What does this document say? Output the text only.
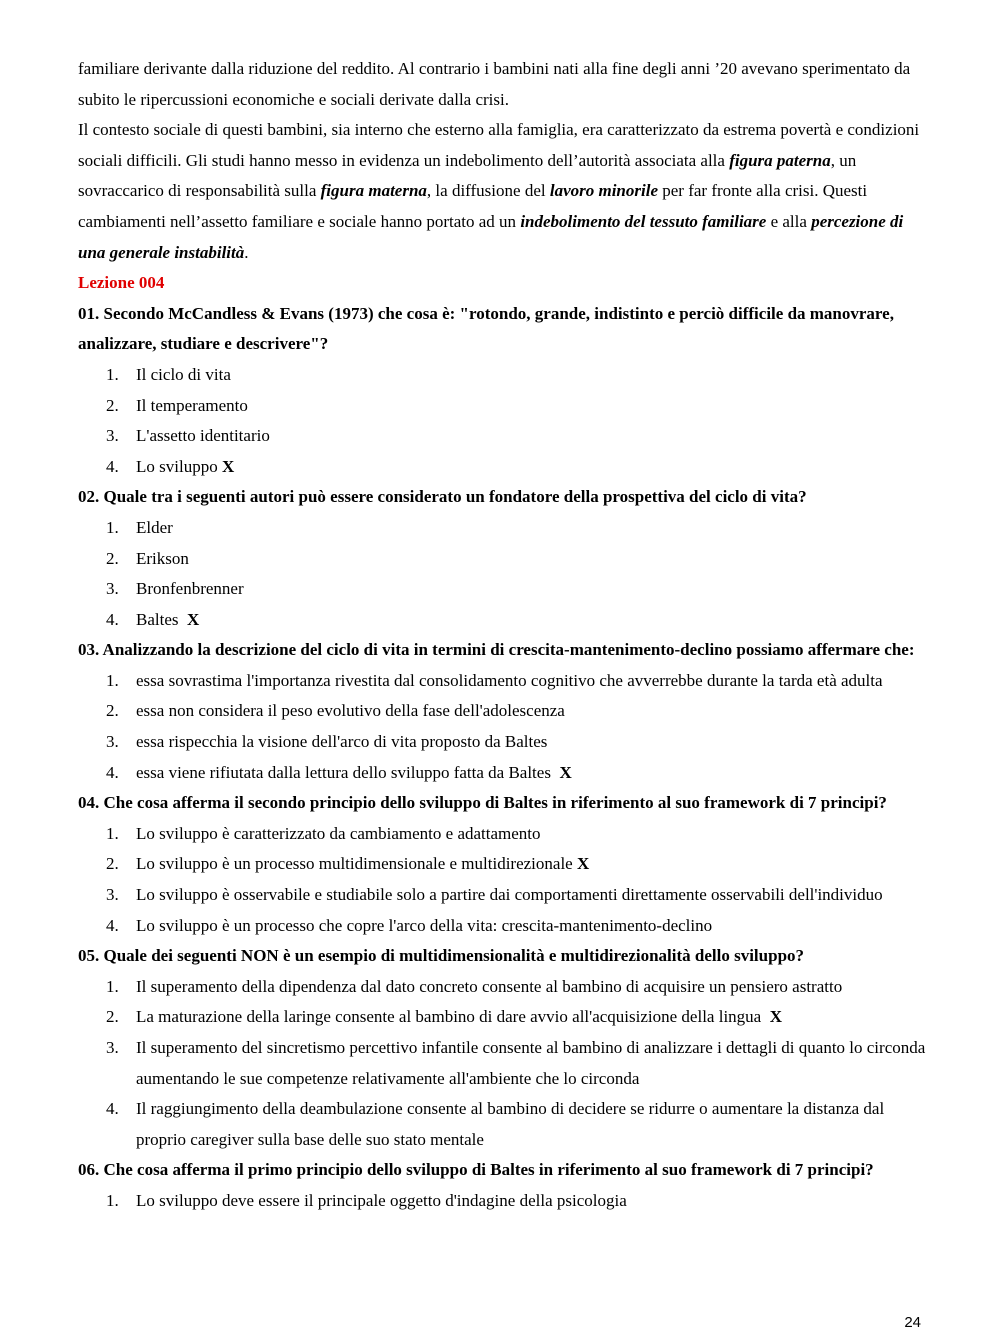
familiare derivante dalla riduzione del reddito. Al contrario i bambini nati alla fine degli anni ’20 avevano sperimentato da subito le ripercussioni economiche e sociali derivate dalla crisi.

Il contesto sociale di questi bambini, sia interno che esterno alla famiglia, era caratterizzato da estrema povertà e condizioni sociali difficili. Gli studi hanno messo in evidenza un indebolimento dell’autorità associata alla figura paterna, un sovraccarico di responsabilità sulla figura materna, la diffusione del lavoro minorile per far fronte alla crisi. Questi cambiamenti nell’assetto familiare e sociale hanno portato ad un indebolimento del tessuto familiare e alla percezione di una generale instabilità.

Lezione 004

01. Secondo McCandless & Evans (1973) che cosa è: "rotondo, grande, indistinto e perciò difficile da manovrare, analizzare, studiare e descrivere"?

1. Il ciclo di vita
2. Il temperamento
3. L'assetto identitario
4. Lo sviluppo X

02. Quale tra i seguenti autori può essere considerato un fondatore della prospettiva del ciclo di vita?

1. Elder
2. Erikson
3. Bronfenbrenner
4. Baltes  X

03. Analizzando la descrizione del ciclo di vita in termini di crescita-mantenimento-declino possiamo affermare che:

1. essa sovrastima l'importanza rivestita dal consolidamento cognitivo che avverrebbe durante la tarda età adulta
2. essa non considera il peso evolutivo della fase dell'adolescenza
3. essa rispecchia la visione dell'arco di vita proposto da Baltes
4. essa viene rifiutata dalla lettura dello sviluppo fatta da Baltes  X

04. Che cosa afferma il secondo principio dello sviluppo di Baltes in riferimento al suo framework di 7 principi?

1. Lo sviluppo è caratterizzato da cambiamento e adattamento
2. Lo sviluppo è un processo multidimensionale e multidirezionale X
3. Lo sviluppo è osservabile e studiabile solo a partire dai comportamenti direttamente osservabili dell'individuo
4. Lo sviluppo è un processo che copre l'arco della vita: crescita-mantenimento-declino

05. Quale dei seguenti NON è un esempio di multidimensionalità e multidirezionalità dello sviluppo?

1. Il superamento della dipendenza dal dato concreto consente al bambino di acquisire un pensiero astratto
2. La maturazione della laringe consente al bambino di dare avvio all'acquisizione della lingua  X
3. Il superamento del sincretismo percettivo infantile consente al bambino di analizzare i dettagli di quanto lo circonda aumentando le sue competenze relativamente all'ambiente che lo circonda
4. Il raggiungimento della deambulazione consente al bambino di decidere se ridurre o aumentare la distanza dal proprio caregiver sulla base delle suo stato mentale

06. Che cosa afferma il primo principio dello sviluppo di Baltes in riferimento al suo framework di 7 principi?

1. Lo sviluppo deve essere il principale oggetto d'indagine della psicologia
24
